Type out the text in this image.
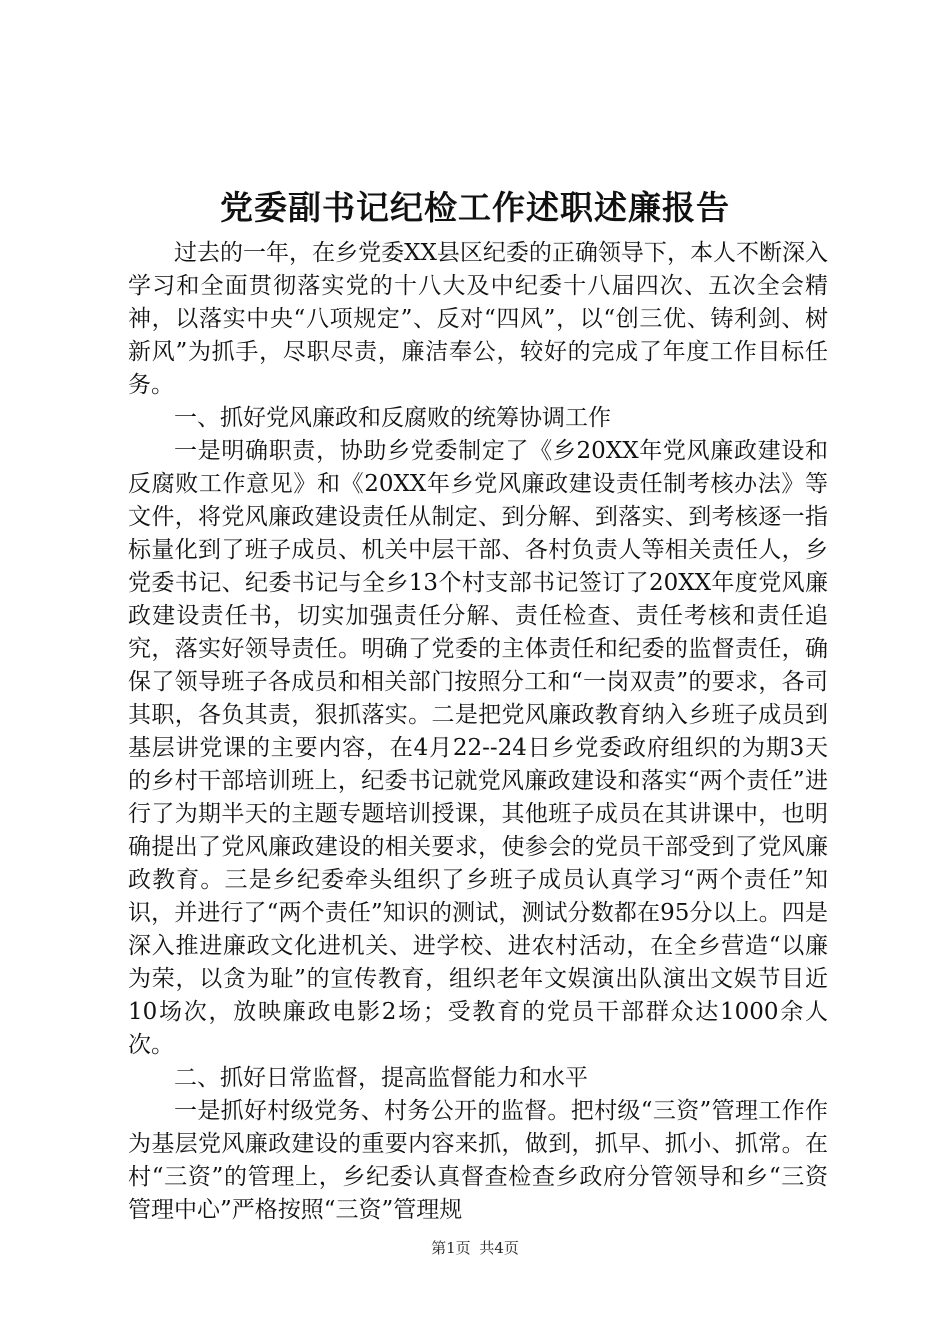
党委副书记纪检工作述职述廉报告

过去的一年，在乡党委XX县区纪委的正确领导下，本人不断深入学习和全面贯彻落实党的十八大及中纪委十八届四次、五次全会精神，以落实中央“八项规定”、反对“四风”，以“创三优、铸利剑、树新风”为抓手，尽职尽责，廉洁奉公，较好的完成了年度工作目标任务。

一、抓好党风廉政和反腐败的统筹协调工作

一是明确职责，协助乡党委制定了《乡20XX年党风廉政建设和反腐败工作意见》和《20XX年乡党风廉政建设责任制考核办法》等文件，将党风廉政建设责任从制定、到分解、到落实、到考核逐一指标量化到了班子成员、机关中层干部、各村负责人等相关责任人，乡党委书记、纪委书记与全乡13个村支部书记签订了20XX年度党风廉政建设责任书，切实加强责任分解、责任检查、责任考核和责任追究，落实好领导责任。明确了党委的主体责任和纪委的监督责任，确保了领导班子各成员和相关部门按照分工和“一岗双责”的要求，各司其职，各负其责，狠抓落实。二是把党风廉政教育纳入乡班子成员到基层讲党课的主要内容，在4月22--24日乡党委政府组织的为期3天的乡村干部培训班上，纪委书记就党风廉政建设和落实“两个责任”进行了为期半天的主题专题培训授课，其他班子成员在其讲课中，也明确提出了党风廉政建设的相关要求，使参会的党员干部受到了党风廉政教育。三是乡纪委牵头组织了乡班子成员认真学习“两个责任”知识，并进行了“两个责任”知识的测试，测试分数都在95分以上。四是深入推进廉政文化进机关、进学校、进农村活动，在全乡营造“以廉为荣，以贪为耻”的宣传教育，组织老年文娱演出队演出文娱节目近10场次，放映廉政电影2场；受教育的党员干部群众达1000余人次。

二、抓好日常监督，提高监督能力和水平

一是抓好村级党务、村务公开的监督。把村级“三资”管理工作作为基层党风廉政建设的重要内容来抓，做到，抓早、抓小、抓常。在村“三资”的管理上，乡纪委认真督查检查乡政府分管领导和乡“三资管理中心”严格按照“三资”管理规

第1页 共4页
